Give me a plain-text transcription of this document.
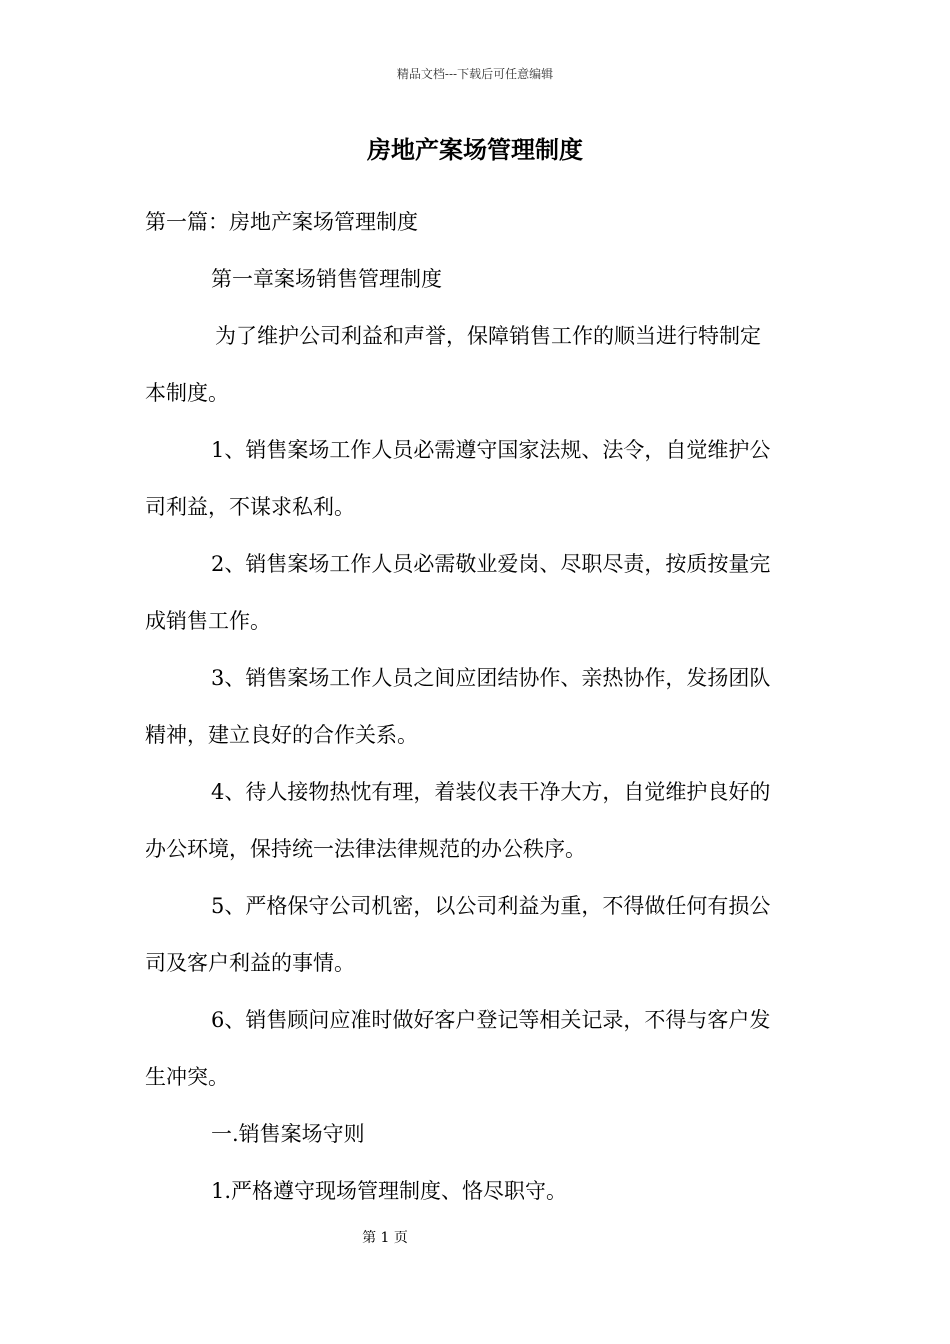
精品文档---下载后可任意编辑
房地产案场管理制度
第一篇：房地产案场管理制度
第一章案场销售管理制度
为了维护公司利益和声誉，保障销售工作的顺当进行特制定
本制度。
1、销售案场工作人员必需遵守国家法规、法令，自觉维护公
司利益，不谋求私利。
2、销售案场工作人员必需敬业爱岗、尽职尽责，按质按量完
成销售工作。
3、销售案场工作人员之间应团结协作、亲热协作，发扬团队
精神，建立良好的合作关系。
4、待人接物热忱有理，着装仪表干净大方，自觉维护良好的
办公环境，保持统一法律法律规范的办公秩序。
5、严格保守公司机密，以公司利益为重，不得做任何有损公
司及客户利益的事情。
6、销售顾问应准时做好客户登记等相关记录，不得与客户发
生冲突。
一.销售案场守则
1.严格遵守现场管理制度、恪尽职守。
第 1 页
